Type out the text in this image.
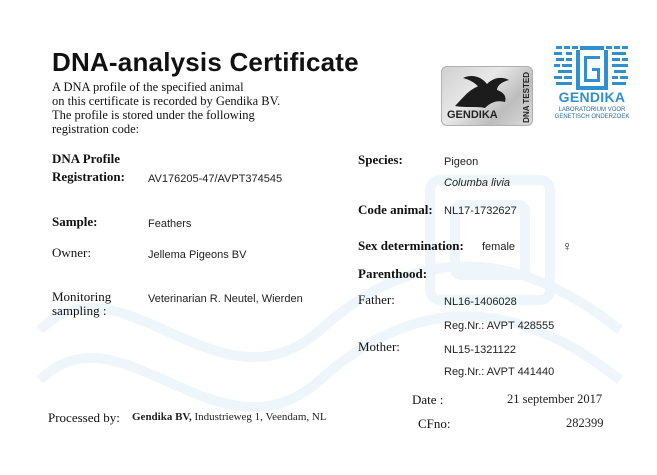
DNA-analysis Certificate
A DNA profile of the specified animal
on this certificate is recorded by Gendika BV.
The profile is stored under the following
registration code:
GENDIKA	DNA TESTED	GENDIKA
LABORATORIUM VOOR
GENETISCH ONDERZOEK
DNA Profile
Registration: AV176205-47/AVPT374545
Sample:	Feathers
Owner:	Jellema Pigeons BV
Monitoring
sampling :
Veterinarian R. Neutel, Wierden
Species:	Pigeon
Columba livia
Code animal: NL17-1732627
Sex determination: female	♀
Parenthood:
Father:	NL16-1406028
Reg.Nr.: AVPT 428555
Mother:	NL15-1321122
Reg.Nr.: AVPT 441440
Date :	21 september 2017
Processed by: Gendika BV, Industrieweg 1, Veendam, NL	CFno:	282399
